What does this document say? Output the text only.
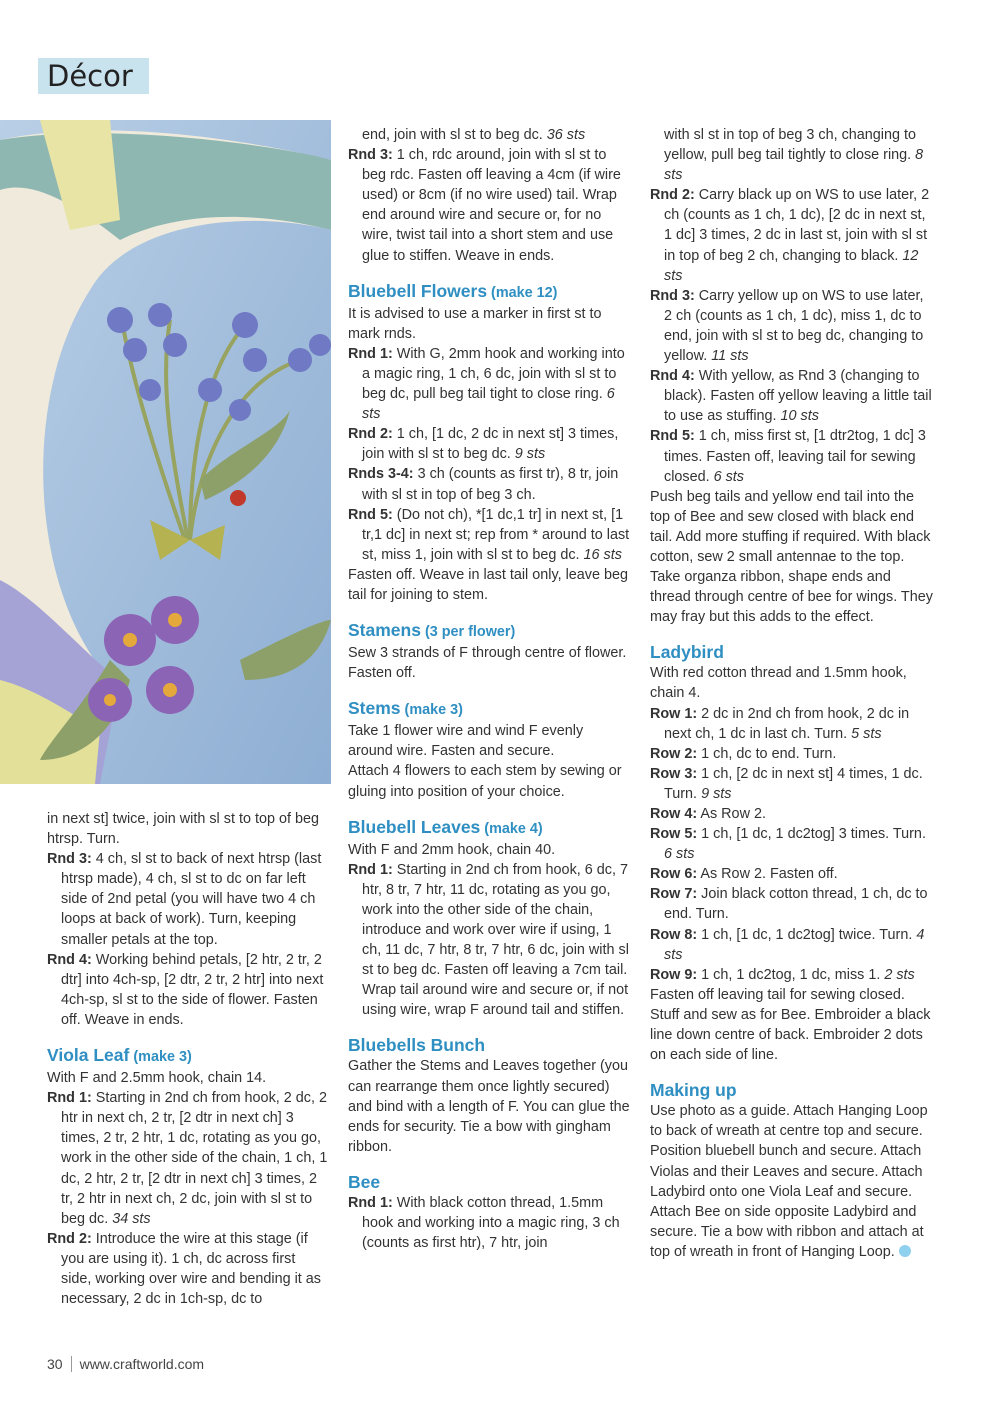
Décor

in next st] twice, join with sl st to top of beg htrsp. Turn.

Rnd 3: 4 ch, sl st to back of next htrsp (last htrsp made), 4 ch, sl st to dc on far left side of 2nd petal (you will have two 4 ch loops at back of work). Turn, keeping smaller petals at the top.

Rnd 4: Working behind petals, [2 htr, 2 tr, 2 dtr] into 4ch-sp, [2 dtr, 2 tr, 2 htr] into next 4ch-sp, sl st to the side of flower. Fasten off. Weave in ends.

Viola Leaf (make 3)

With F and 2.5mm hook, chain 14.

Rnd 1: Starting in 2nd ch from hook, 2 dc, 2 htr in next ch, 2 tr, [2 dtr in next ch] 3 times, 2 tr, 2 htr, 1 dc, rotating as you go, work in the other side of the chain, 1 ch, 1 dc, 2 htr, 2 tr, [2 dtr in next ch] 3 times, 2 tr, 2 htr in next ch, 2 dc, join with sl st to beg dc. 34 sts

Rnd 2: Introduce the wire at this stage (if you are using it). 1 ch, dc across first side, working over wire and bending it as necessary, 2 dc in 1ch-sp, dc to

end, join with sl st to beg dc. 36 sts

Rnd 3: 1 ch, rdc around, join with sl st to beg rdc. Fasten off leaving a 4cm (if wire used) or 8cm (if no wire used) tail. Wrap end around wire and secure or, for no wire, twist tail into a short stem and use glue to stiffen. Weave in ends.

Bluebell Flowers (make 12)

It is advised to use a marker in first st to mark rnds.

Rnd 1: With G, 2mm hook and working into a magic ring, 1 ch, 6 dc, join with sl st to beg dc, pull beg tail tight to close ring. 6 sts

Rnd 2: 1 ch, [1 dc, 2 dc in next st] 3 times, join with sl st to beg dc. 9 sts

Rnds 3-4: 3 ch (counts as first tr), 8 tr, join with sl st in top of beg 3 ch.

Rnd 5: (Do not ch), *[1 dc,1 tr] in next st, [1 tr,1 dc] in next st; rep from * around to last st, miss 1, join with sl st to beg dc. 16 sts

Fasten off. Weave in last tail only, leave beg tail for joining to stem.

Stamens (3 per flower)

Sew 3 strands of F through centre of flower. Fasten off.

Stems (make 3)

Take 1 flower wire and wind F evenly around wire. Fasten and secure.

Attach 4 flowers to each stem by sewing or gluing into position of your choice.

Bluebell Leaves (make 4)

With F and 2mm hook, chain 40.

Rnd 1: Starting in 2nd ch from hook, 6 dc, 7 htr, 8 tr, 7 htr, 11 dc, rotating as you go, work into the other side of the chain, introduce and work over wire if using, 1 ch, 11 dc, 7 htr, 8 tr, 7 htr, 6 dc, join with sl st to beg dc. Fasten off leaving a 7cm tail. Wrap tail around wire and secure or, if not using wire, wrap F around tail and stiffen.

Bluebells Bunch

Gather the Stems and Leaves together (you can rearrange them once lightly secured) and bind with a length of F. You can glue the ends for security. Tie a bow with gingham ribbon.

Bee

Rnd 1: With black cotton thread, 1.5mm hook and working into a magic ring, 3 ch (counts as first htr), 7 htr, join

with sl st in top of beg 3 ch, changing to yellow, pull beg tail tightly to close ring. 8 sts

Rnd 2: Carry black up on WS to use later, 2 ch (counts as 1 ch, 1 dc), [2 dc in next st, 1 dc] 3 times, 2 dc in last st, join with sl st in top of beg 2 ch, changing to black. 12 sts

Rnd 3: Carry yellow up on WS to use later, 2 ch (counts as 1 ch, 1 dc), miss 1, dc to end, join with sl st to beg dc, changing to yellow. 11 sts

Rnd 4: With yellow, as Rnd 3 (changing to black). Fasten off yellow leaving a little tail to use as stuffing. 10 sts

Rnd 5: 1 ch, miss first st, [1 dtr2tog, 1 dc] 3 times. Fasten off, leaving tail for sewing closed. 6 sts

Push beg tails and yellow end tail into the top of Bee and sew closed with black end tail. Add more stuffing if required. With black cotton, sew 2 small antennae to the top. Take organza ribbon, shape ends and thread through centre of bee for wings. They may fray but this adds to the effect.

Ladybird

With red cotton thread and 1.5mm hook, chain 4.

Row 1: 2 dc in 2nd ch from hook, 2 dc in next ch, 1 dc in last ch. Turn. 5 sts

Row 2: 1 ch, dc to end. Turn.

Row 3: 1 ch, [2 dc in next st] 4 times, 1 dc. Turn. 9 sts

Row 4: As Row 2.

Row 5: 1 ch, [1 dc, 1 dc2tog] 3 times. Turn. 6 sts

Row 6: As Row 2. Fasten off.

Row 7: Join black cotton thread, 1 ch, dc to end. Turn.

Row 8: 1 ch, [1 dc, 1 dc2tog] twice. Turn. 4 sts

Row 9: 1 ch, 1 dc2tog, 1 dc, miss 1. 2 sts

Fasten off leaving tail for sewing closed. Stuff and sew as for Bee. Embroider a black line down centre of back. Embroider 2 dots on each side of line.

Making up

Use photo as a guide. Attach Hanging Loop to back of wreath at centre top and secure. Position bluebell bunch and secure. Attach Violas and their Leaves and secure. Attach Ladybird onto one Viola Leaf and secure. Attach Bee on side opposite Ladybird and secure. Tie a bow with ribbon and attach at top of wreath in front of Hanging Loop.

30 www.craftworld.com
